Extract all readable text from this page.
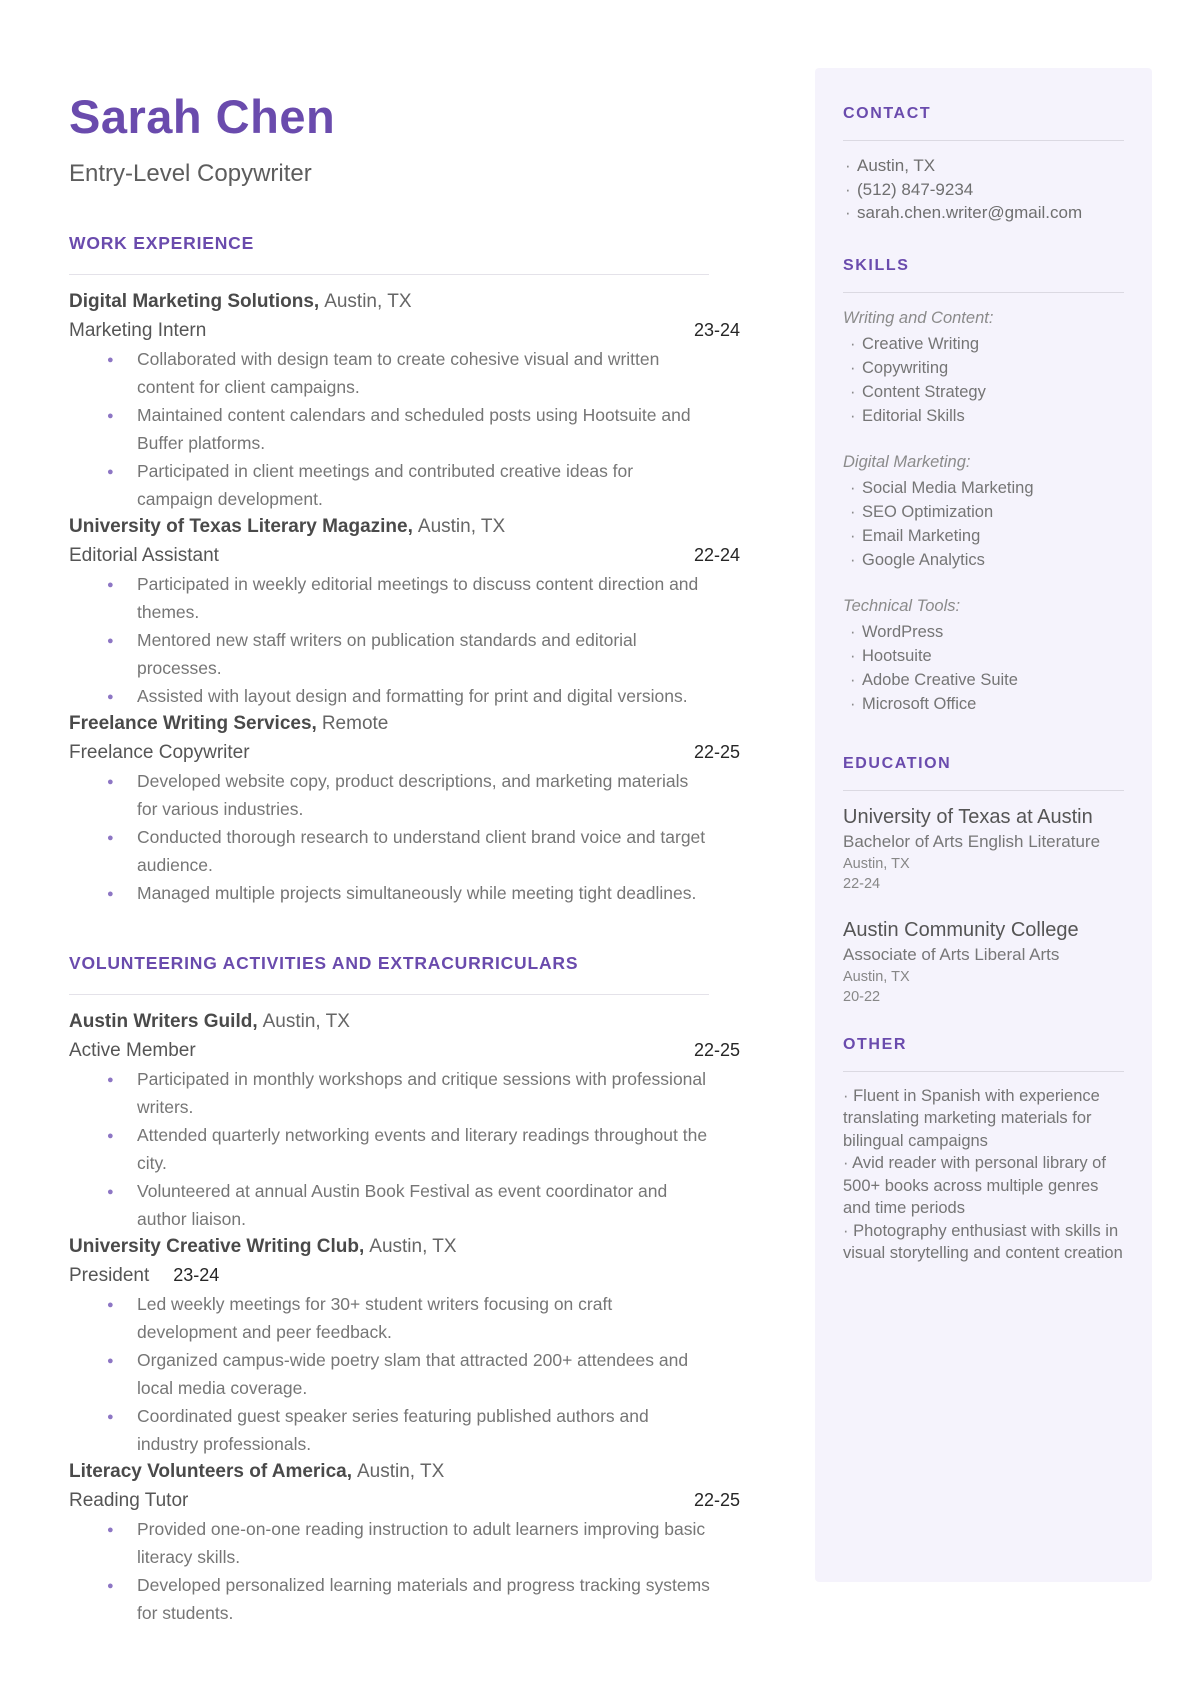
Sarah Chen
Entry-Level Copywriter
WORK EXPERIENCE
Digital Marketing Solutions, Austin, TX
Marketing Intern	23-24
● Collaborated with design team to create cohesive visual and written content for client campaigns.
● Maintained content calendars and scheduled posts using Hootsuite and Buffer platforms.
● Participated in client meetings and contributed creative ideas for campaign development.
University of Texas Literary Magazine, Austin, TX
Editorial Assistant	22-24
● Participated in weekly editorial meetings to discuss content direction and themes.
● Mentored new staff writers on publication standards and editorial processes.
● Assisted with layout design and formatting for print and digital versions.
Freelance Writing Services, Remote
Freelance Copywriter	22-25
● Developed website copy, product descriptions, and marketing materials for various industries.
● Conducted thorough research to understand client brand voice and target audience.
● Managed multiple projects simultaneously while meeting tight deadlines.
VOLUNTEERING ACTIVITIES AND EXTRACURRICULARS
Austin Writers Guild, Austin, TX
Active Member	22-25
● Participated in monthly workshops and critique sessions with professional writers.
● Attended quarterly networking events and literary readings throughout the city.
● Volunteered at annual Austin Book Festival as event coordinator and author liaison.
University Creative Writing Club, Austin, TX
President 23-24
● Led weekly meetings for 30+ student writers focusing on craft development and peer feedback.
● Organized campus-wide poetry slam that attracted 200+ attendees and local media coverage.
● Coordinated guest speaker series featuring published authors and industry professionals.
Literacy Volunteers of America, Austin, TX
Reading Tutor	22-25
● Provided one-on-one reading instruction to adult learners improving basic literacy skills.
● Developed personalized learning materials and progress tracking systems for students.
CONTACT
· Austin, TX
· (512) 847-9234
· sarah.chen.writer@gmail.com
SKILLS
Writing and Content:
· Creative Writing
· Copywriting
· Content Strategy
· Editorial Skills
Digital Marketing:
· Social Media Marketing
· SEO Optimization
· Email Marketing
· Google Analytics
Technical Tools:
· WordPress
· Hootsuite
· Adobe Creative Suite
· Microsoft Office
EDUCATION
University of Texas at Austin
Bachelor of Arts English Literature
Austin, TX
22-24
Austin Community College
Associate of Arts Liberal Arts
Austin, TX
20-22
OTHER
· Fluent in Spanish with experience translating marketing materials for bilingual campaigns
· Avid reader with personal library of 500+ books across multiple genres and time periods
· Photography enthusiast with skills in visual storytelling and content creation
